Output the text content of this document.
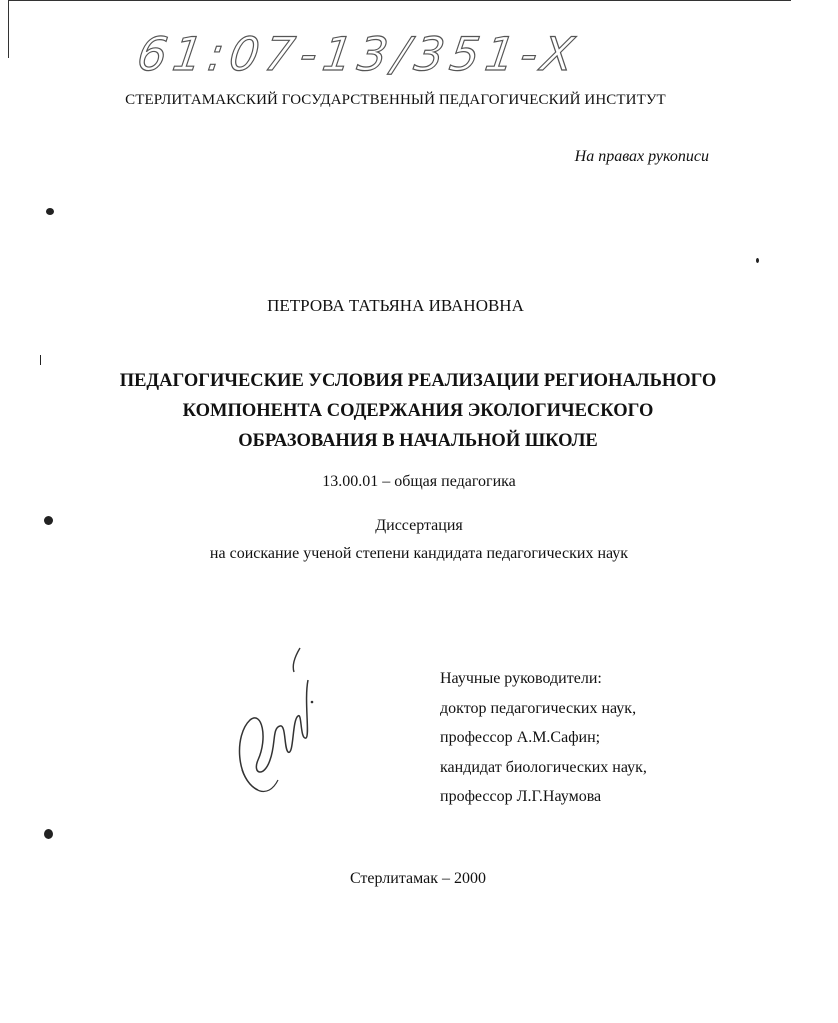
61:07-13/351-X
СТЕРЛИТАМАКСКИЙ ГОСУДАРСТВЕННЫЙ ПЕДАГОГИЧЕСКИЙ ИНСТИТУТ
На правах рукописи
ПЕТРОВА ТАТЬЯНА ИВАНОВНА
ПЕДАГОГИЧЕСКИЕ УСЛОВИЯ РЕАЛИЗАЦИИ РЕГИОНАЛЬНОГО
КОМПОНЕНТА СОДЕРЖАНИЯ ЭКОЛОГИЧЕСКОГО
ОБРАЗОВАНИЯ В НАЧАЛЬНОЙ ШКОЛЕ
13.00.01 – общая педагогика
Диссертация
на соискание ученой степени кандидата педагогических наук
Научные руководители:
доктор педагогических наук,
профессор А.М.Сафин;
кандидат биологических наук,
профессор Л.Г.Наумова
Стерлитамак – 2000
